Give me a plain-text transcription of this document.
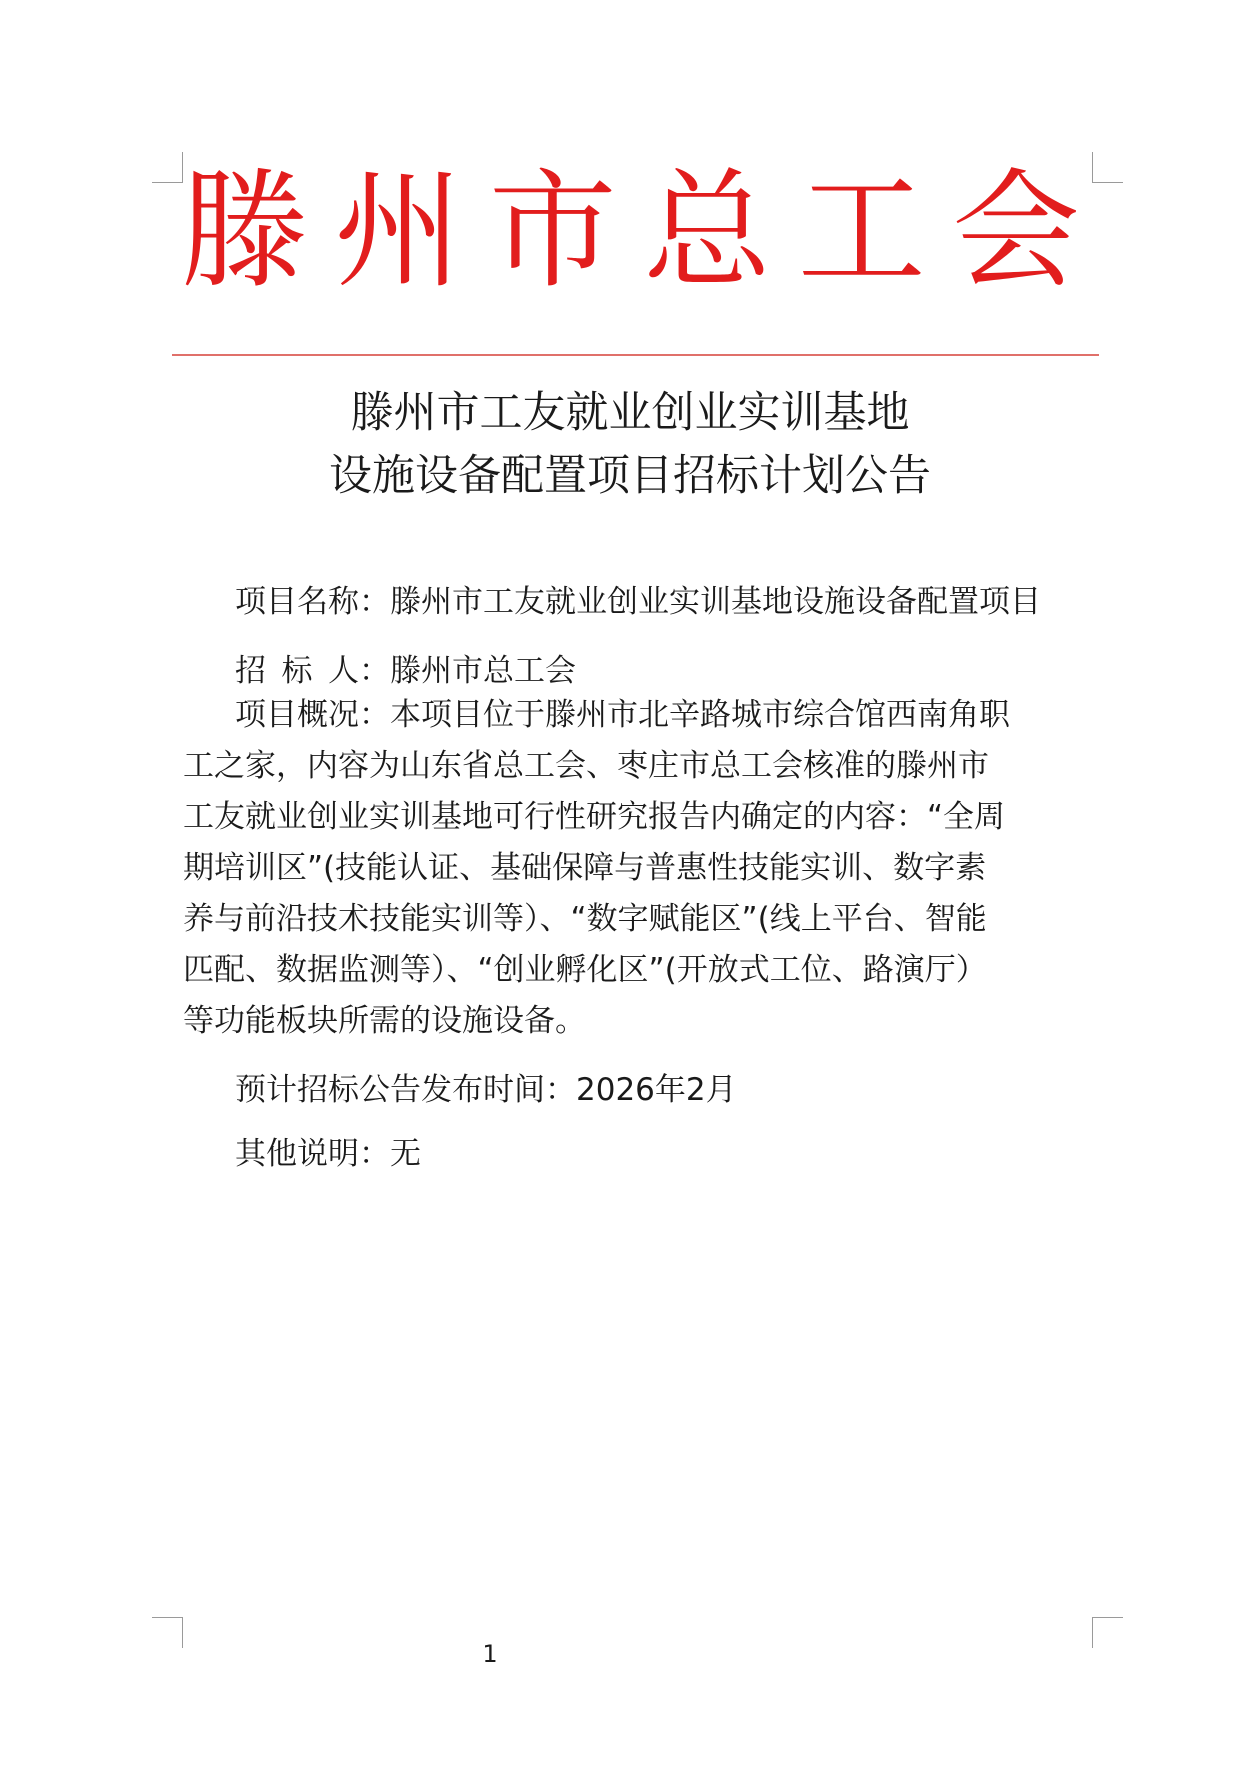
滕 州 市 总 工 会
滕州市工友就业创业实训基地
设施设备配置项目招标计划公告
项目名称：滕州市工友就业创业实训基地设施设备配置项目
招 标 人：滕州市总工会
项目概况：本项目位于滕州市北辛路城市综合馆西南角职
工之家，内容为山东省总工会、枣庄市总工会核准的滕州市
工友就业创业实训基地可行性研究报告内确定的内容：“全周
期培训区”(技能认证、基础保障与普惠性技能实训、数字素
养与前沿技术技能实训等）、“数字赋能区”(线上平台、智能
匹配、数据监测等）、“创业孵化区”(开放式工位、路演厅）
等功能板块所需的设施设备。
预计招标公告发布时间：2026年2月
其他说明：无
1
